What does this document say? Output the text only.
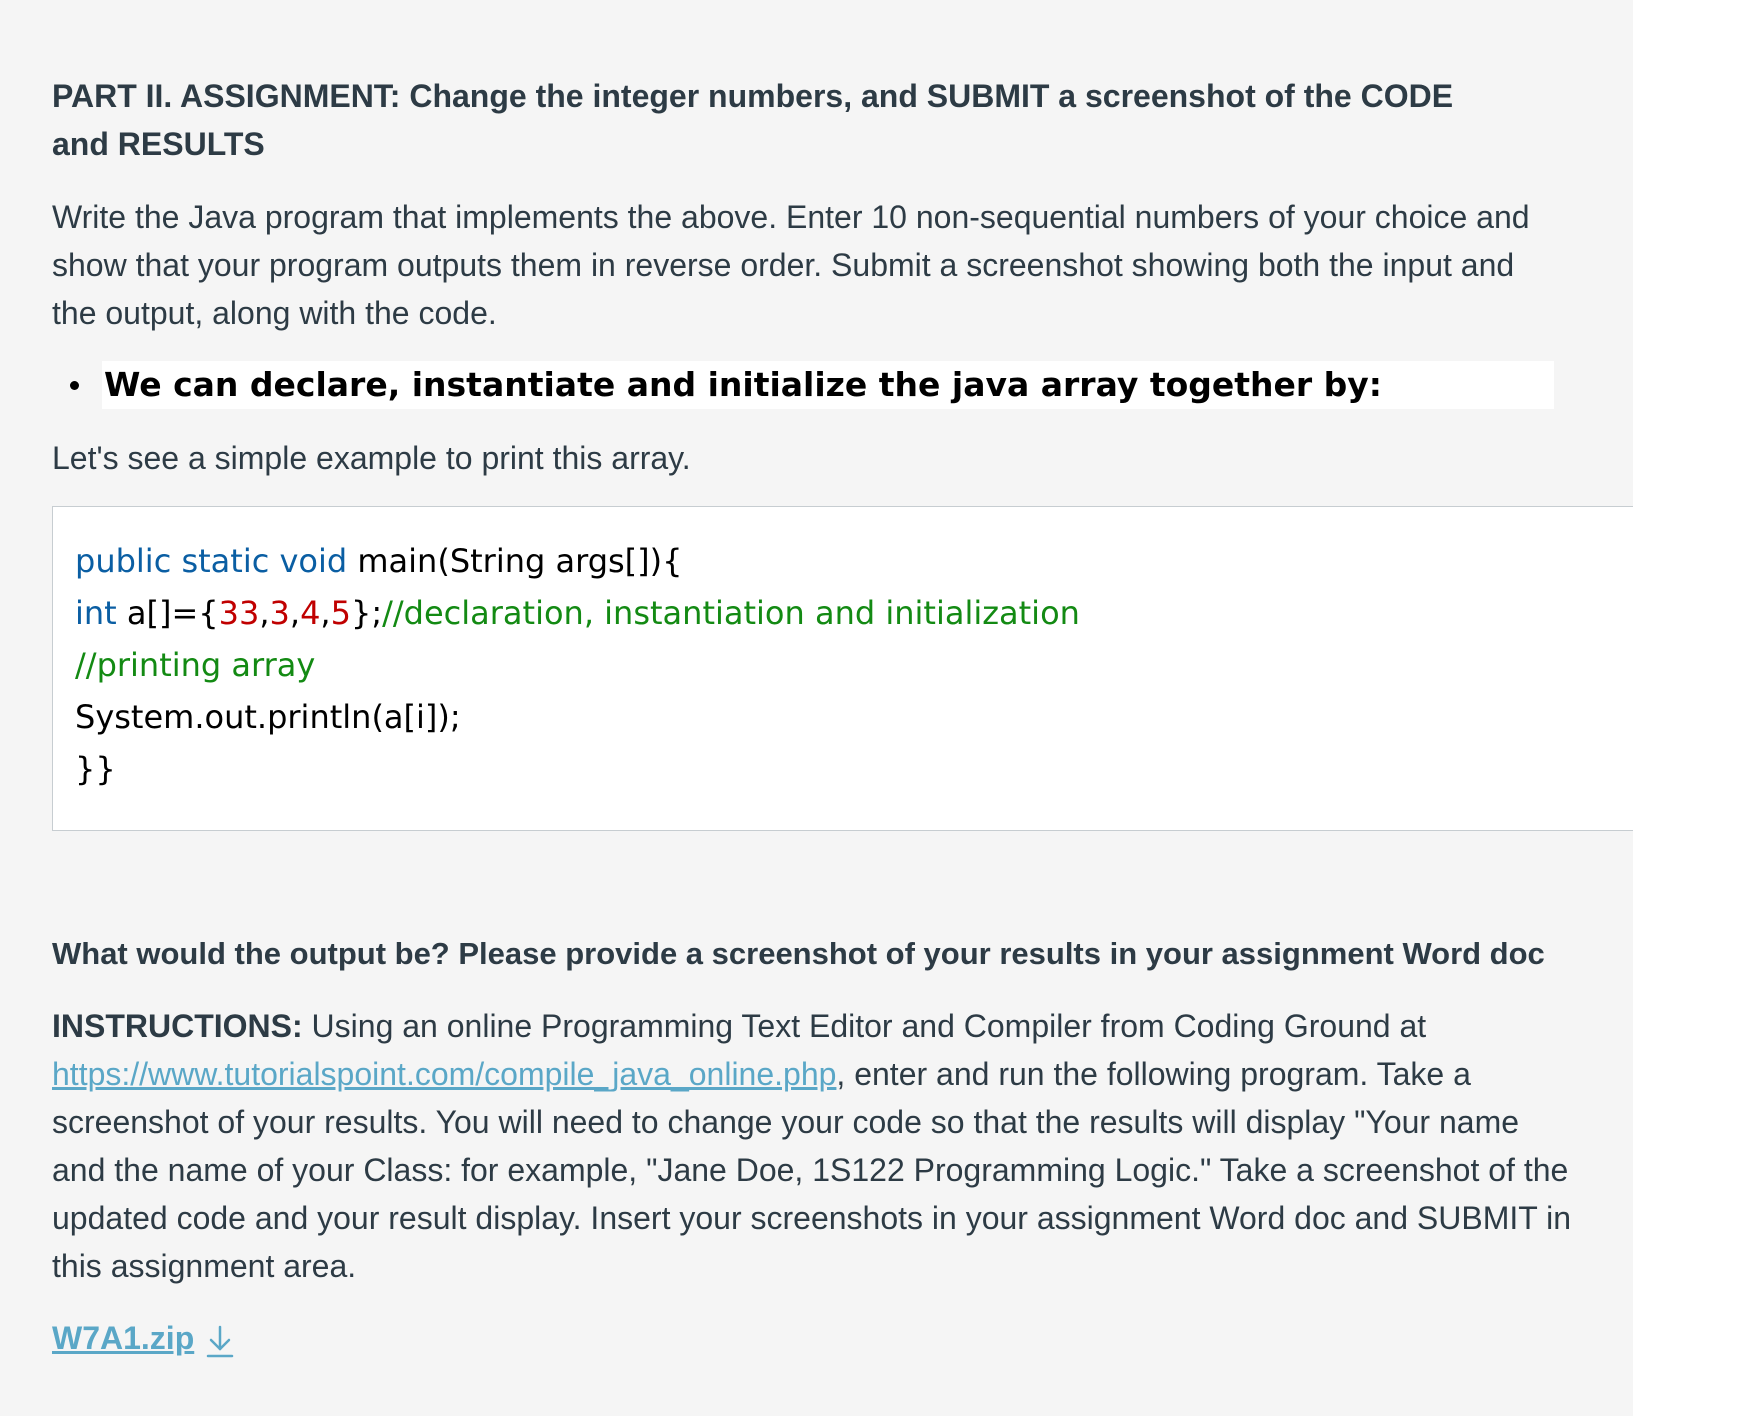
PART II. ASSIGNMENT: Change the integer numbers, and SUBMIT a screenshot of the CODE and RESULTS

Write the Java program that implements the above. Enter 10 non-sequential numbers of your choice and show that your program outputs them in reverse order. Submit a screenshot showing both the input and the output, along with the code.

We can declare, instantiate and initialize the java array together by:

Let's see a simple example to print this array.

public static void main(String args[]){
int a[]={33,3,4,5};//declaration, instantiation and initialization
//printing array
System.out.println(a[i]);
}}
What would the output be? Please provide a screenshot of your results in your assignment Word doc

INSTRUCTIONS: Using an online Programming Text Editor and Compiler from Coding Ground at https://www.tutorialspoint.com/compile_java_online.php, enter and run the following program. Take a screenshot of your results. You will need to change your code so that the results will display "Your name and the name of your Class: for example, "Jane Doe, 1S122 Programming Logic." Take a screenshot of the updated code and your result display. Insert your screenshots in your assignment Word doc and SUBMIT in this assignment area.

W7A1.zip
